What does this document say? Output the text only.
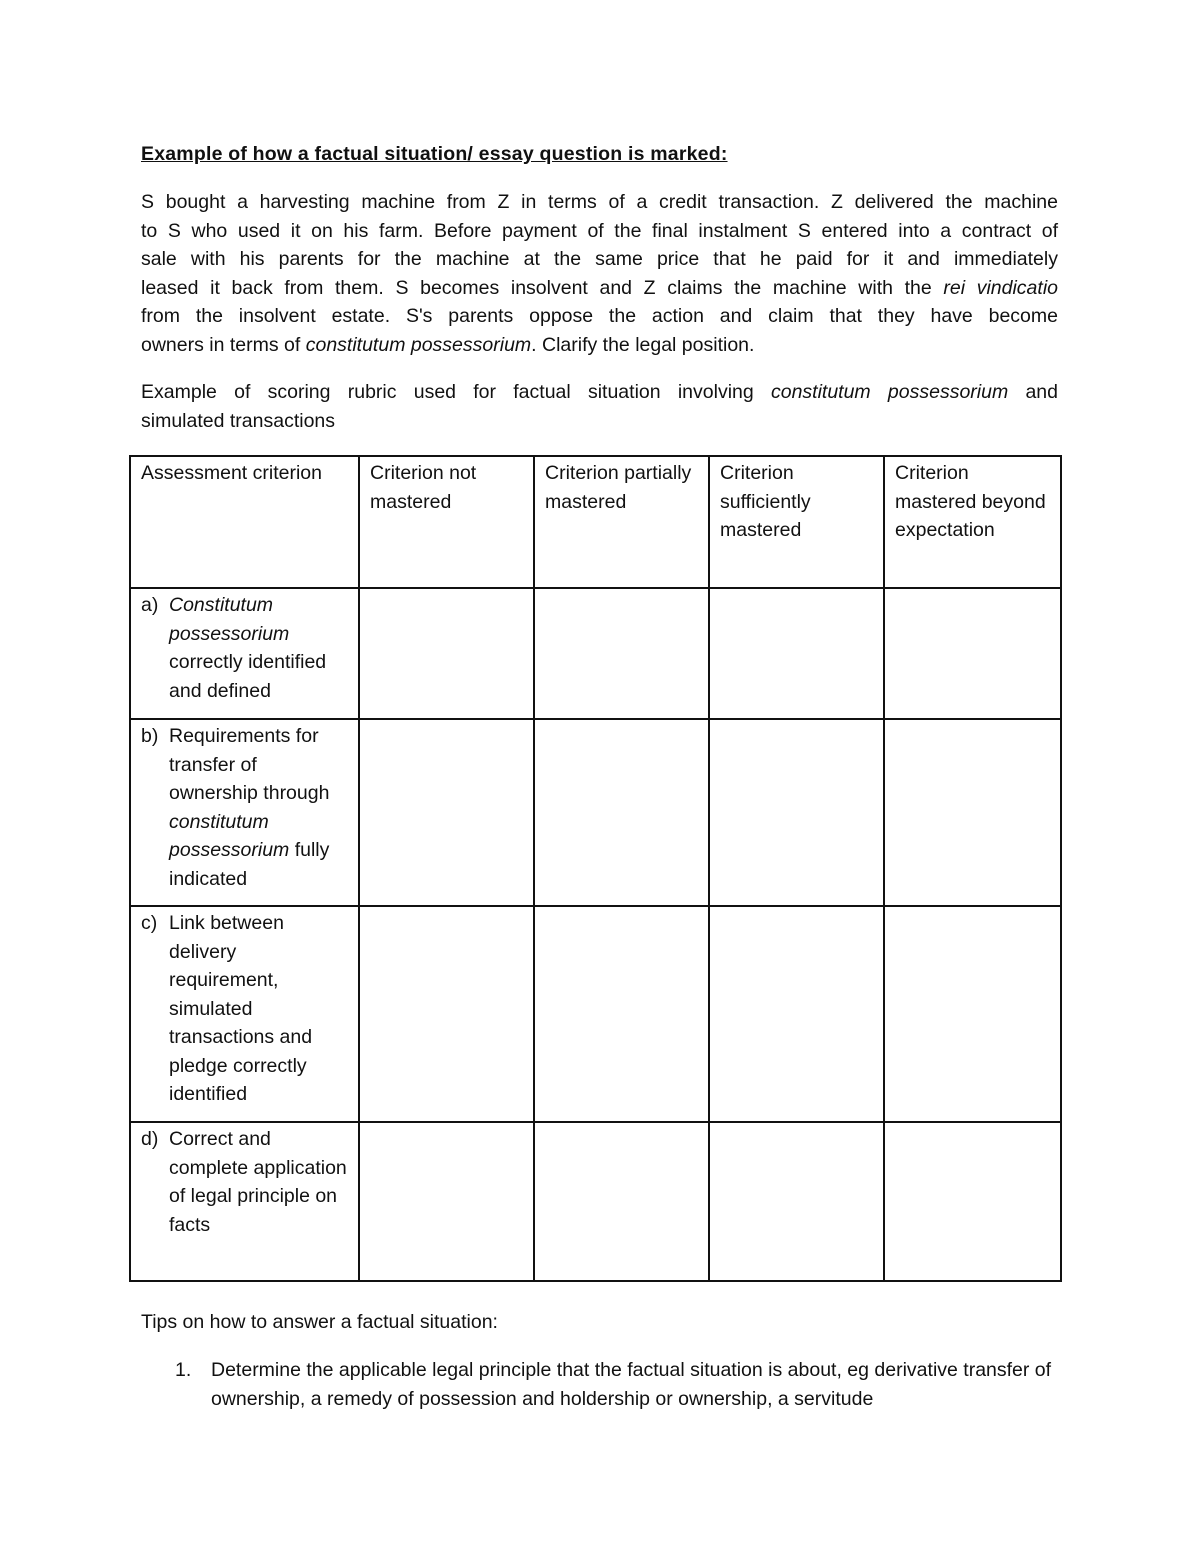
Example of how a factual situation/ essay question is marked:
S bought a harvesting machine from Z in terms of a credit transaction. Z delivered the machine
to S who used it on his farm. Before payment of the final instalment S entered into a contract of
sale with his parents for the machine at the same price that he paid for it and immediately
leased it back from them. S becomes insolvent and Z claims the machine with the rei vindicatio
from the insolvent estate. S's parents oppose the action and claim that they have become
owners in terms of constitutum possessorium. Clarify the legal position.
Example of scoring rubric used for factual situation involving constitutum possessorium and
simulated transactions
Assessment criterion	Criterion not mastered	Criterion partially mastered	Criterion sufficiently mastered	Criterion mastered beyond expectation

a) Constitutum possessorium correctly identified and defined				

b) Requirements for transfer of ownership through constitutum possessorium fully indicated				

c) Link between delivery requirement, simulated transactions and pledge correctly identified				

d) Correct and complete application of legal principle on facts				

Tips on how to answer a factual situation:
1.	Determine the applicable legal principle that the factual situation is about, eg derivative transfer of ownership, a remedy of possession and holdership or ownership, a servitude
